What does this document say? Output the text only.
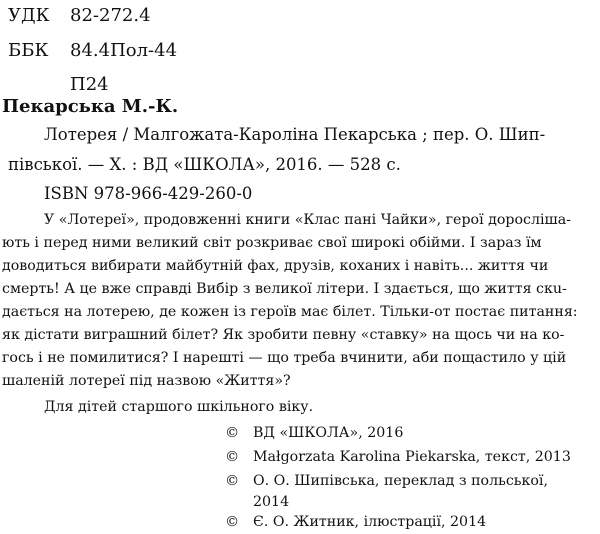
УДК 82-272.4
ББК 84.4Пол-44
П24
Пекарська М.-К.
Лотерея / Малгожата-Кароліна Пекарська ; пер. О. Шип-
півської. — Х. : ВД «ШКОЛА», 2016. — 528 с.
ISBN 978-966-429-260-0
У «Лотереї», продовженні книги «Клас пані Чайки», герої дорослішa-
ють і перед ними великий світ розкриває свої широкі обійми. І зараз їм
доводиться вибирати майбутній фах, друзів, коханих і навіть... життя чи
смерть! А це вже справді Вибір з великої літери. І здається, що життя скu-
дається на лотерею, де кожен із героїв має білет. Тільки-от постає питання:
як дістати виграшний білет? Як зробити певну «ставку» на щось чи на ко-
гось і не помилитися? І нарешті — що треба вчинити, аби пощастило у цій
шаленій лотереї під назвою «Життя»?
Для дітей старшого шкільного віку.
© ВД «ШКОЛА», 2016
© Małgorzata Karolina Piekarska, текст, 2013
© О. О. Шипівська, переклад з польської,
2014
© Є. О. Житник, ілюстрації, 2014
